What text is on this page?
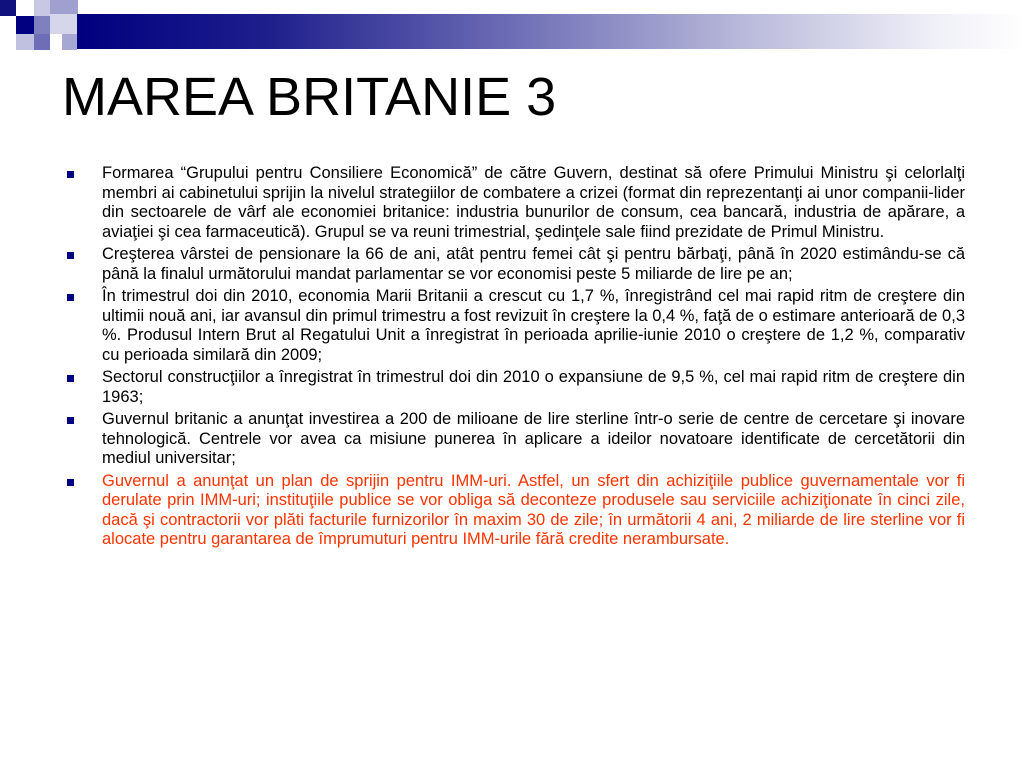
MAREA BRITANIE 3
Formarea “Grupului pentru Consiliere Economică” de către Guvern, destinat să ofere Primului Ministru şi celorlalţi membri ai cabinetului sprijin la nivelul strategiilor de combatere a crizei (format din reprezentanţi ai unor companii-lider din sectoarele de vârf ale economiei britanice: industria bunurilor de consum, cea bancară, industria de apărare, a aviaţiei şi cea farmaceutică). Grupul se va reuni trimestrial, şedinţele sale fiind prezidate de Primul Ministru.
Creşterea vârstei de pensionare la 66 de ani, atât pentru femei cât şi pentru bărbaţi, până în 2020 estimându-se că până la finalul următorului mandat parlamentar se vor economisi peste 5 miliarde de lire pe an;
În trimestrul doi din 2010, economia Marii Britanii a crescut cu 1,7 %, înregistrând cel mai rapid ritm de creştere din ultimii nouă ani, iar avansul din primul trimestru a fost revizuit în creştere la 0,4 %, faţă de o estimare anterioară de 0,3 %. Produsul Intern Brut al Regatului Unit a înregistrat în perioada aprilie-iunie 2010 o creştere de 1,2 %, comparativ cu perioada similară din 2009;
Sectorul construcţiilor a înregistrat în trimestrul doi din 2010 o expansiune de 9,5 %, cel mai rapid ritm de creştere din 1963;
Guvernul britanic a anunţat investirea a 200 de milioane de lire sterline într-o serie de centre de cercetare şi inovare tehnologică. Centrele vor avea ca misiune punerea în aplicare a ideilor novatoare identificate de cercetătorii din mediul universitar;
Guvernul a anunţat un plan de sprijin pentru IMM-uri. Astfel, un sfert din achiziţiile publice guvernamentale vor fi derulate prin IMM-uri; instituţiile publice se vor obliga să deconteze produsele sau serviciile achiziţionate în cinci zile, dacă şi contractorii vor plăti facturile furnizorilor în maxim 30 de zile; în următorii 4 ani, 2 miliarde de lire sterline vor fi alocate pentru garantarea de împrumuturi pentru IMM-urile fără credite nerambursate.
